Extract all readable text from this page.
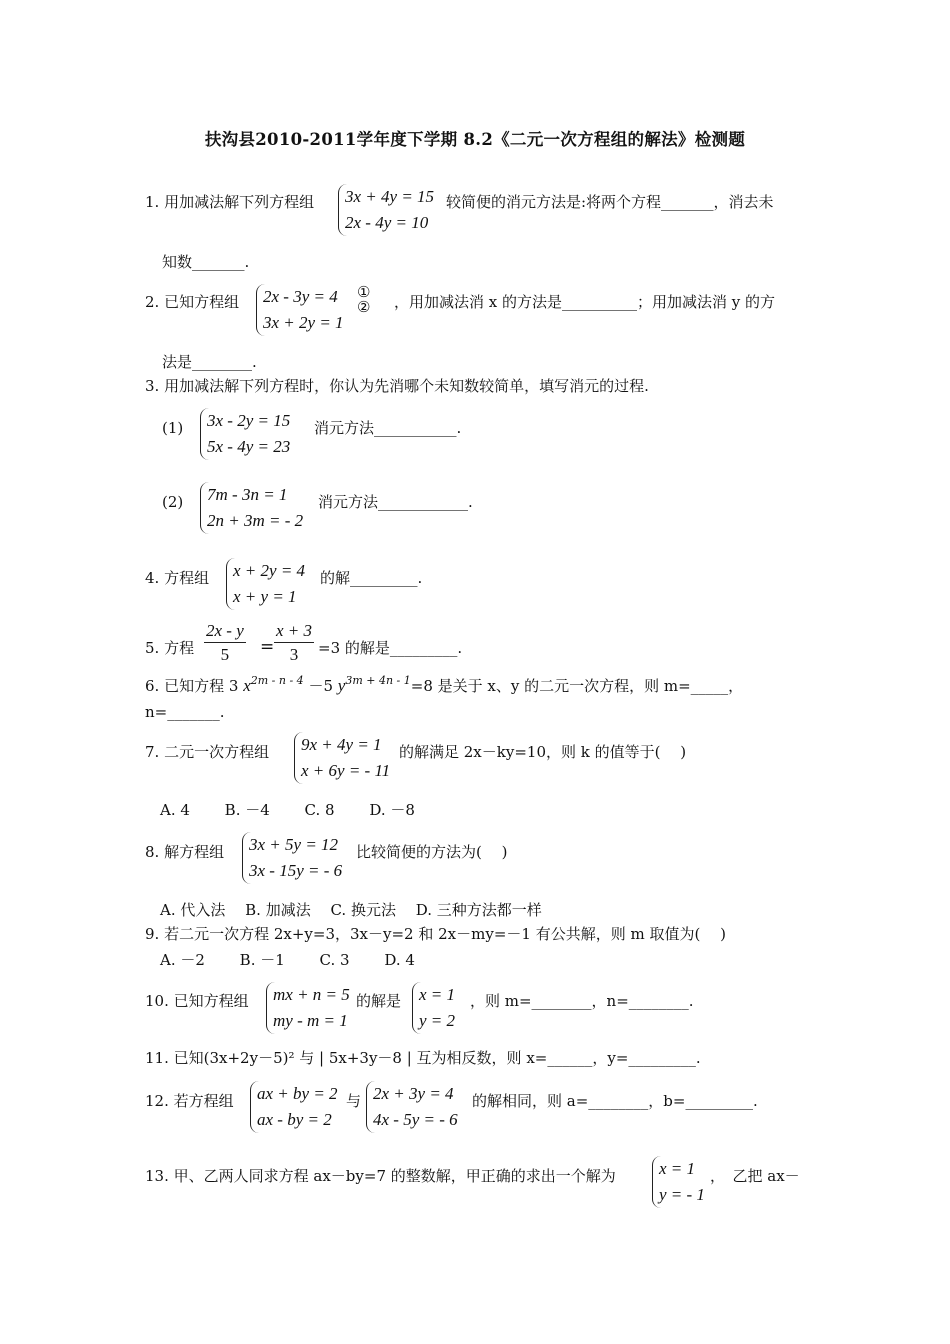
扶沟县2010-2011学年度下学期 8.2《二元一次方程组的解法》检测题
1. 用加减法解下列方程组 3x + 4y = 15
2x - 4y = 10
较简便的消元方法是:将两个方程_______，消去未
知数_______.
2. 已知方程组 2x - 3y = 4
3x + 2y = 1
①
② ，用加减法消 x 的方法是__________；用加减法消 y 的方
法是________.
3. 用加减法解下列方程时，你认为先消哪个未知数较简单，填写消元的过程.
(1) 3x - 2y = 15
5x - 4y = 23
消元方法___________.
(2) 7m - 3n = 1
2n + 3m = - 2
消元方法____________.
4. 方程组 x + 2y = 4
x + y = 1
的解_________.
5. 方程 $\frac{2x - y}{5} = \frac{x + 3}{3} =3$ 的解是_________.
6. 已知方程 3 $x^{2m - n - 4} -5$ $y^{3m + 4n - 1}=8$ 是关于 x、y 的二元一次方程，则 m=_____，
n=_______.
7. 二元一次方程组 9x + 4y = 1
x + 6y = - 11
的解满足 2x－ky=10，则 k 的值等于(　 )
A. 4　　 B. －4　　 C. 8　　 D. －8
8. 解方程组 3x + 5y = 12
3x - 15y = - 6
比较简便的方法为(　 )
A. 代入法　 B. 加减法　 C. 换元法　 D. 三种方法都一样
9. 若二元一次方程 2x+y=3，3x－y=2 和 2x－my=－1 有公共解，则 m 取值为(　 )
A. －2　　 B. －1　　 C. 3　　 D. 4
10. 已知方程组 mx + n = 5
my - m = 1
的解是 x = 1
y = 2
，则 m=________，n=________.
11. 已知(3x+2y－5)² 与 | 5x+3y－8 | 互为相反数，则 x=______，y=_________.
12. 若方程组 ax + by = 2
ax - by = 2
与 2x + 3y = 4
4x - 5y = - 6
的解相同，则 a=________，b=_________.
13. 甲、乙两人同求方程 ax－by=7 的整数解，甲正确的求出一个解为	x = 1
y = - 1
，　乙把 ax－
